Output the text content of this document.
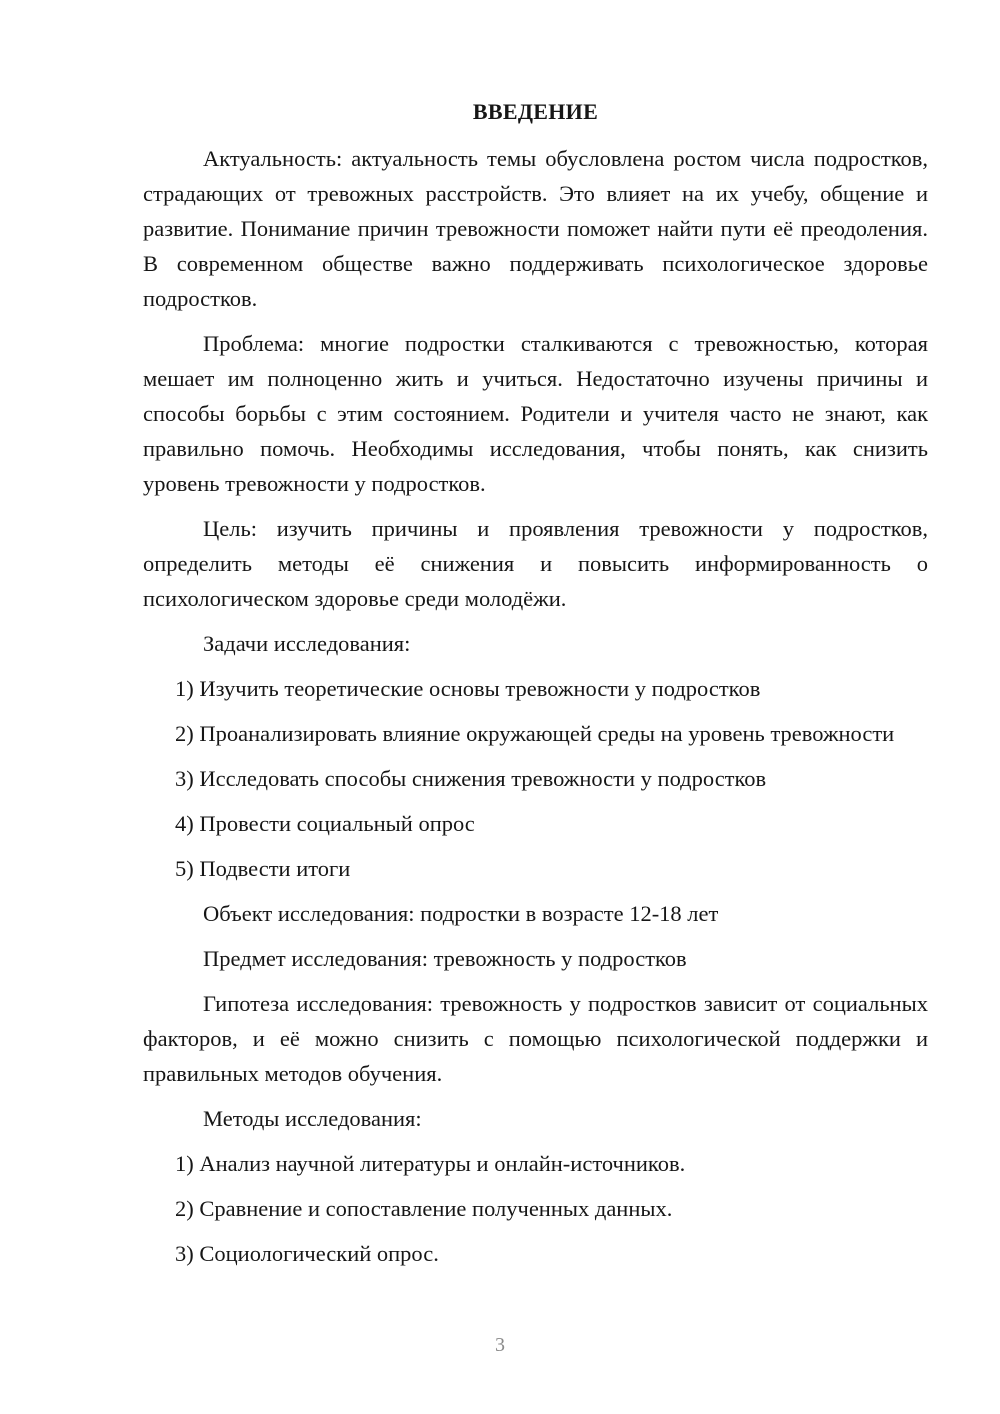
ВВЕДЕНИЕ

Актуальность: актуальность темы обусловлена ростом числа подростков, страдающих от тревожных расстройств. Это влияет на их учебу, общение и развитие. Понимание причин тревожности поможет найти пути её преодоления. В современном обществе важно поддерживать психологическое здоровье подростков.

Проблема: многие подростки сталкиваются с тревожностью, которая мешает им полноценно жить и учиться. Недостаточно изучены причины и способы борьбы с этим состоянием. Родители и учителя часто не знают, как правильно помочь. Необходимы исследования, чтобы понять, как снизить уровень тревожности у подростков.

Цель: изучить причины и проявления тревожности у подростков, определить методы её снижения и повысить информированность о психологическом здоровье среди молодёжи.

Задачи исследования:

1) Изучить теоретические основы тревожности у подростков

2) Проанализировать влияние окружающей среды на уровень тревожности

3) Исследовать способы снижения тревожности у подростков

4) Провести социальный опрос

5) Подвести итоги

Объект исследования: подростки в возрасте 12-18 лет

Предмет исследования: тревожность у подростков

Гипотеза исследования: тревожность у подростков зависит от социальных факторов, и её можно снизить с помощью психологической поддержки и правильных методов обучения.

Методы исследования:

1) Анализ научной литературы и онлайн-источников.

2) Сравнение и сопоставление полученных данных.

3) Социологический опрос.

3
